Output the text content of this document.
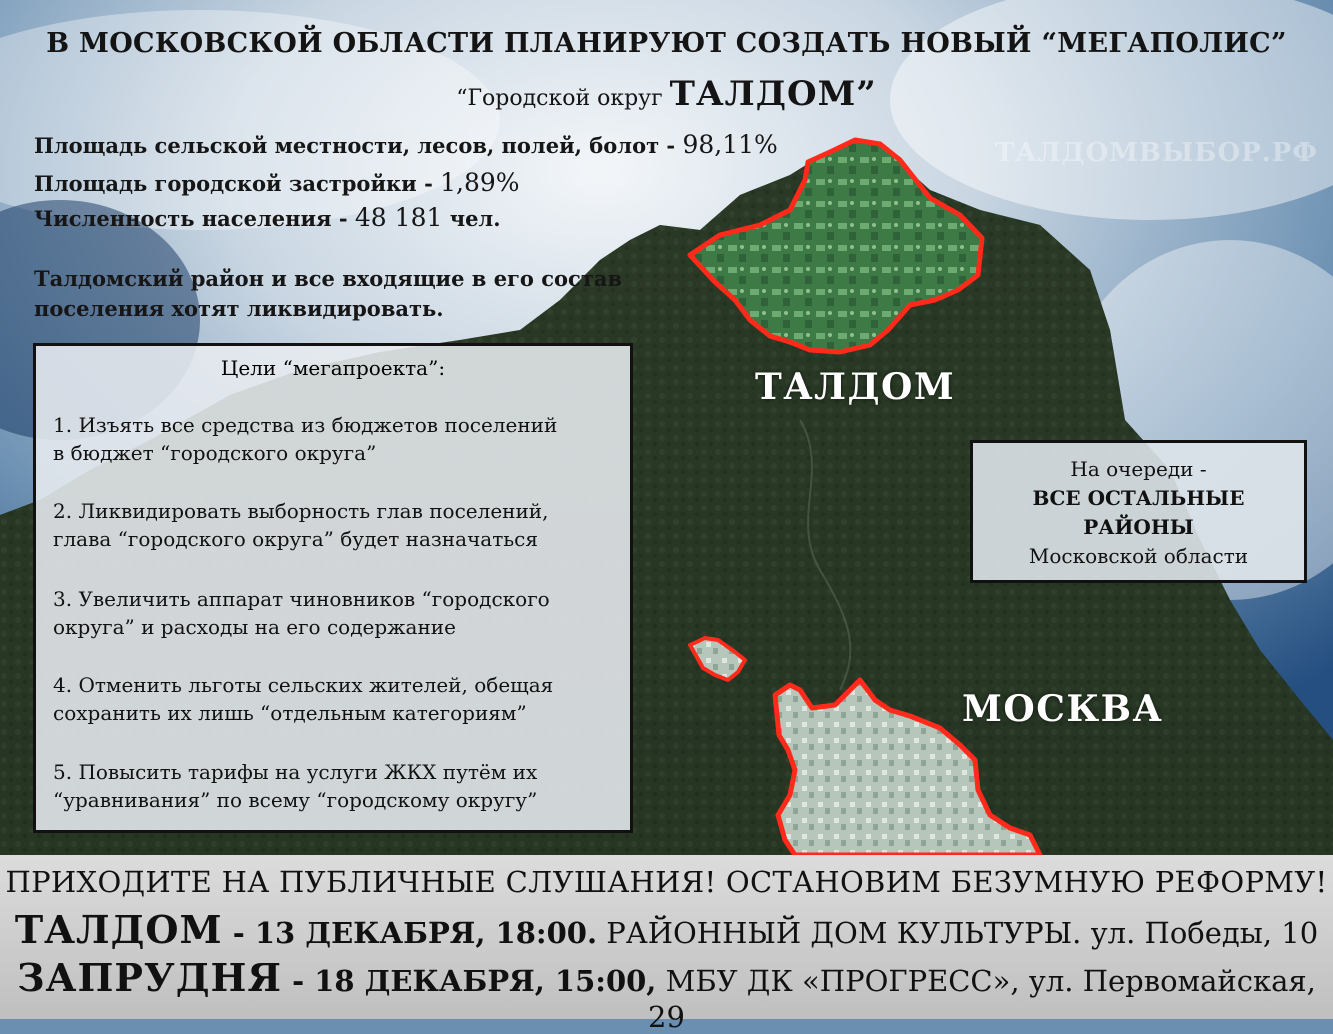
В МОСКОВСКОЙ ОБЛАСТИ ПЛАНИРУЮТ СОЗДАТЬ НОВЫЙ “МЕГАПОЛИС”
“Городской округ ТАЛДОМ”
Площадь сельской местности, лесов, полей, болот - 98,11%
Площадь городской застройки - 1,89%
Численность населения - 48 181 чел.
Талдомский район и все входящие в его состав
поселения хотят ликвидировать.
ТАЛДОМВЫБОР.РФ
Цели “мегапроекта”:
1. Изъять все средства из бюджетов поселений
в бюджет “городского округа”
2. Ликвидировать выборность глав поселений,
глава “городского округа” будет назначаться
3. Увеличить аппарат чиновников “городского
округа” и расходы на его содержание
4. Отменить льготы сельских жителей, обещая
сохранить их лишь “отдельным категориям”
5. Повысить тарифы на услуги ЖКХ путём их
“уравнивания” по всему “городскому округу”
ТАЛДОМ
МОСКВА
На очереди -
ВСЕ ОСТАЛЬНЫЕ
РАЙОНЫ
Московской области
ПРИХОДИТЕ НА ПУБЛИЧНЫЕ СЛУШАНИЯ! ОСТАНОВИМ БЕЗУМНУЮ РЕФОРМУ!
ТАЛДОМ - 13 ДЕКАБРЯ, 18:00. РАЙОННЫЙ ДОМ КУЛЬТУРЫ. ул. Победы, 10
ЗАПРУДНЯ - 18 ДЕКАБРЯ, 15:00, МБУ ДК «ПРОГРЕСС», ул. Первомайская, 29
